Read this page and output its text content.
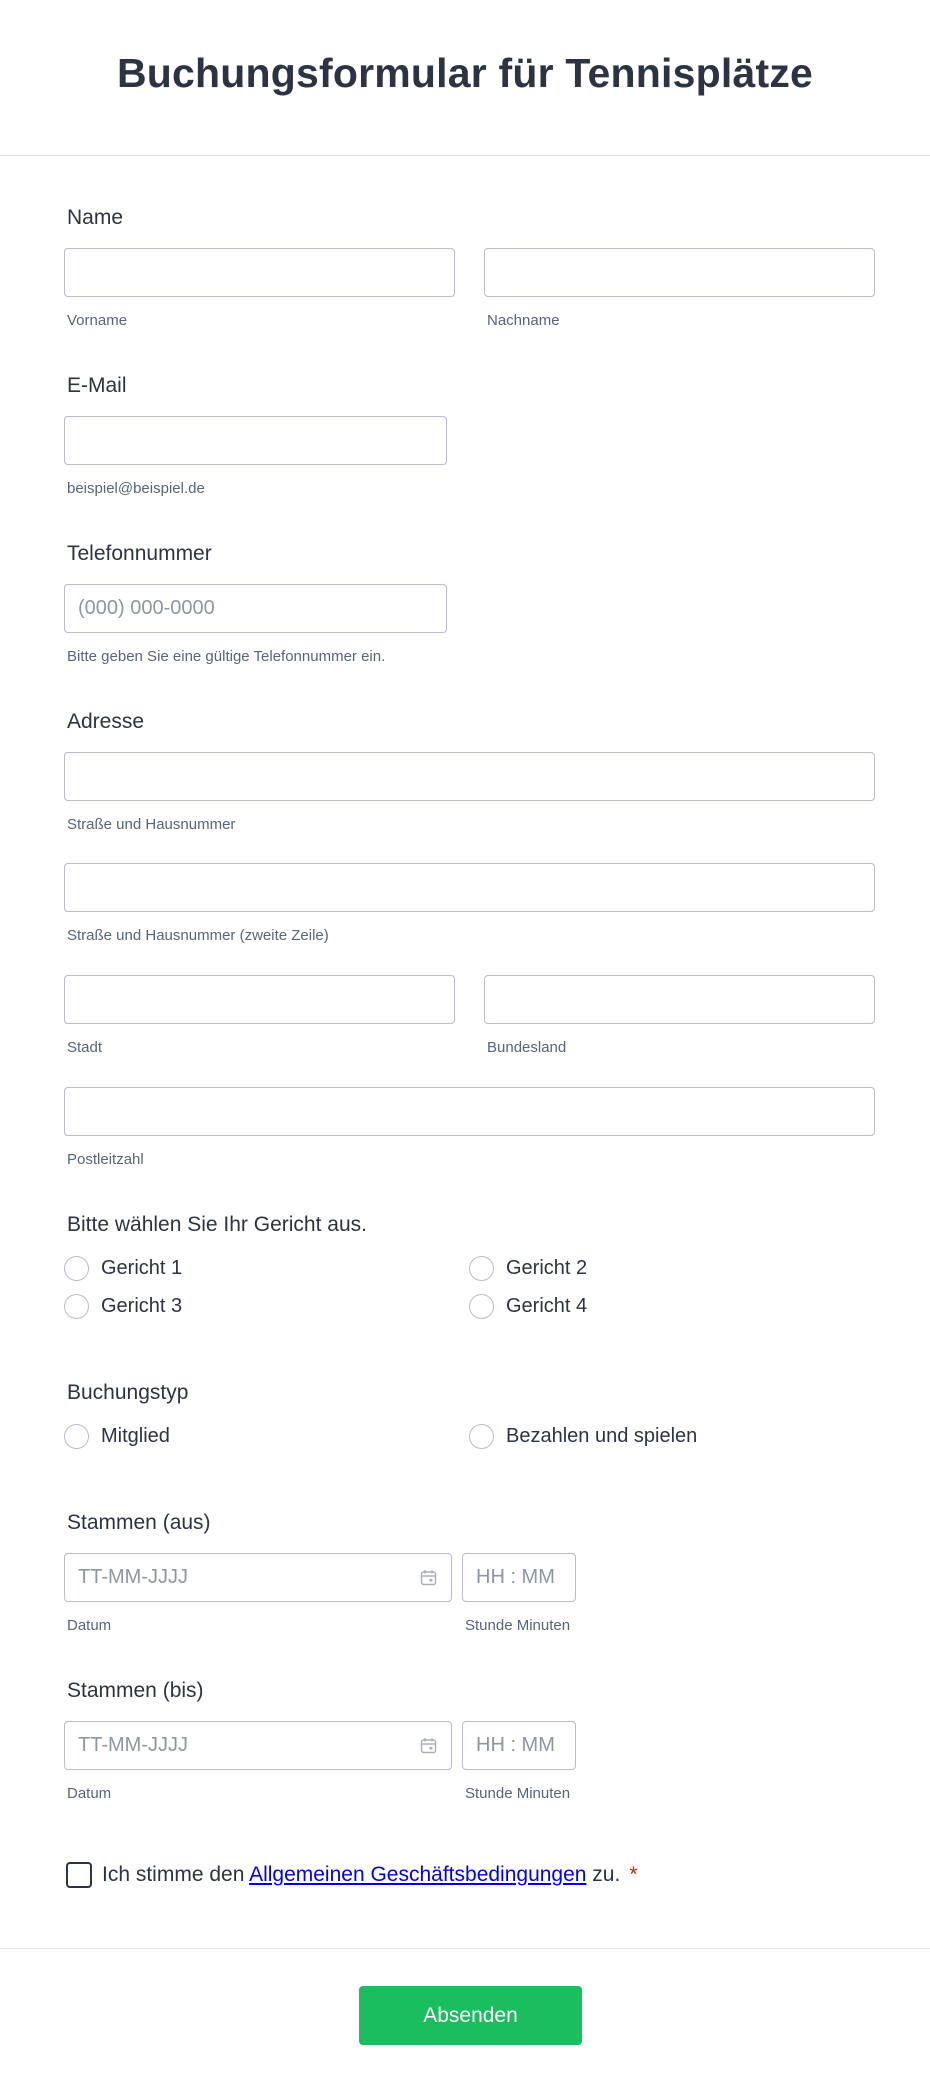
Buchungsformular für Tennisplätze
Name
Vorname	Nachname
E-Mail
beispiel@beispiel.de
Telefonnummer
(000) 000-0000
Bitte geben Sie eine gültige Telefonnummer ein.
Adresse
Straße und Hausnummer
Straße und Hausnummer (zweite Zeile)
Stadt	Bundesland
Postleitzahl
Bitte wählen Sie Ihr Gericht aus.
Gericht 1	Gericht 2
Gericht 3	Gericht 4
Buchungstyp
Mitglied	Bezahlen und spielen
Stammen (aus)
TT-MM-JJJJ	HH : MM
Datum	Stunde Minuten
Stammen (bis)
TT-MM-JJJJ	HH : MM
Datum	Stunde Minuten
Ich stimme den Allgemeinen Geschäftsbedingungen zu. *
Absenden
